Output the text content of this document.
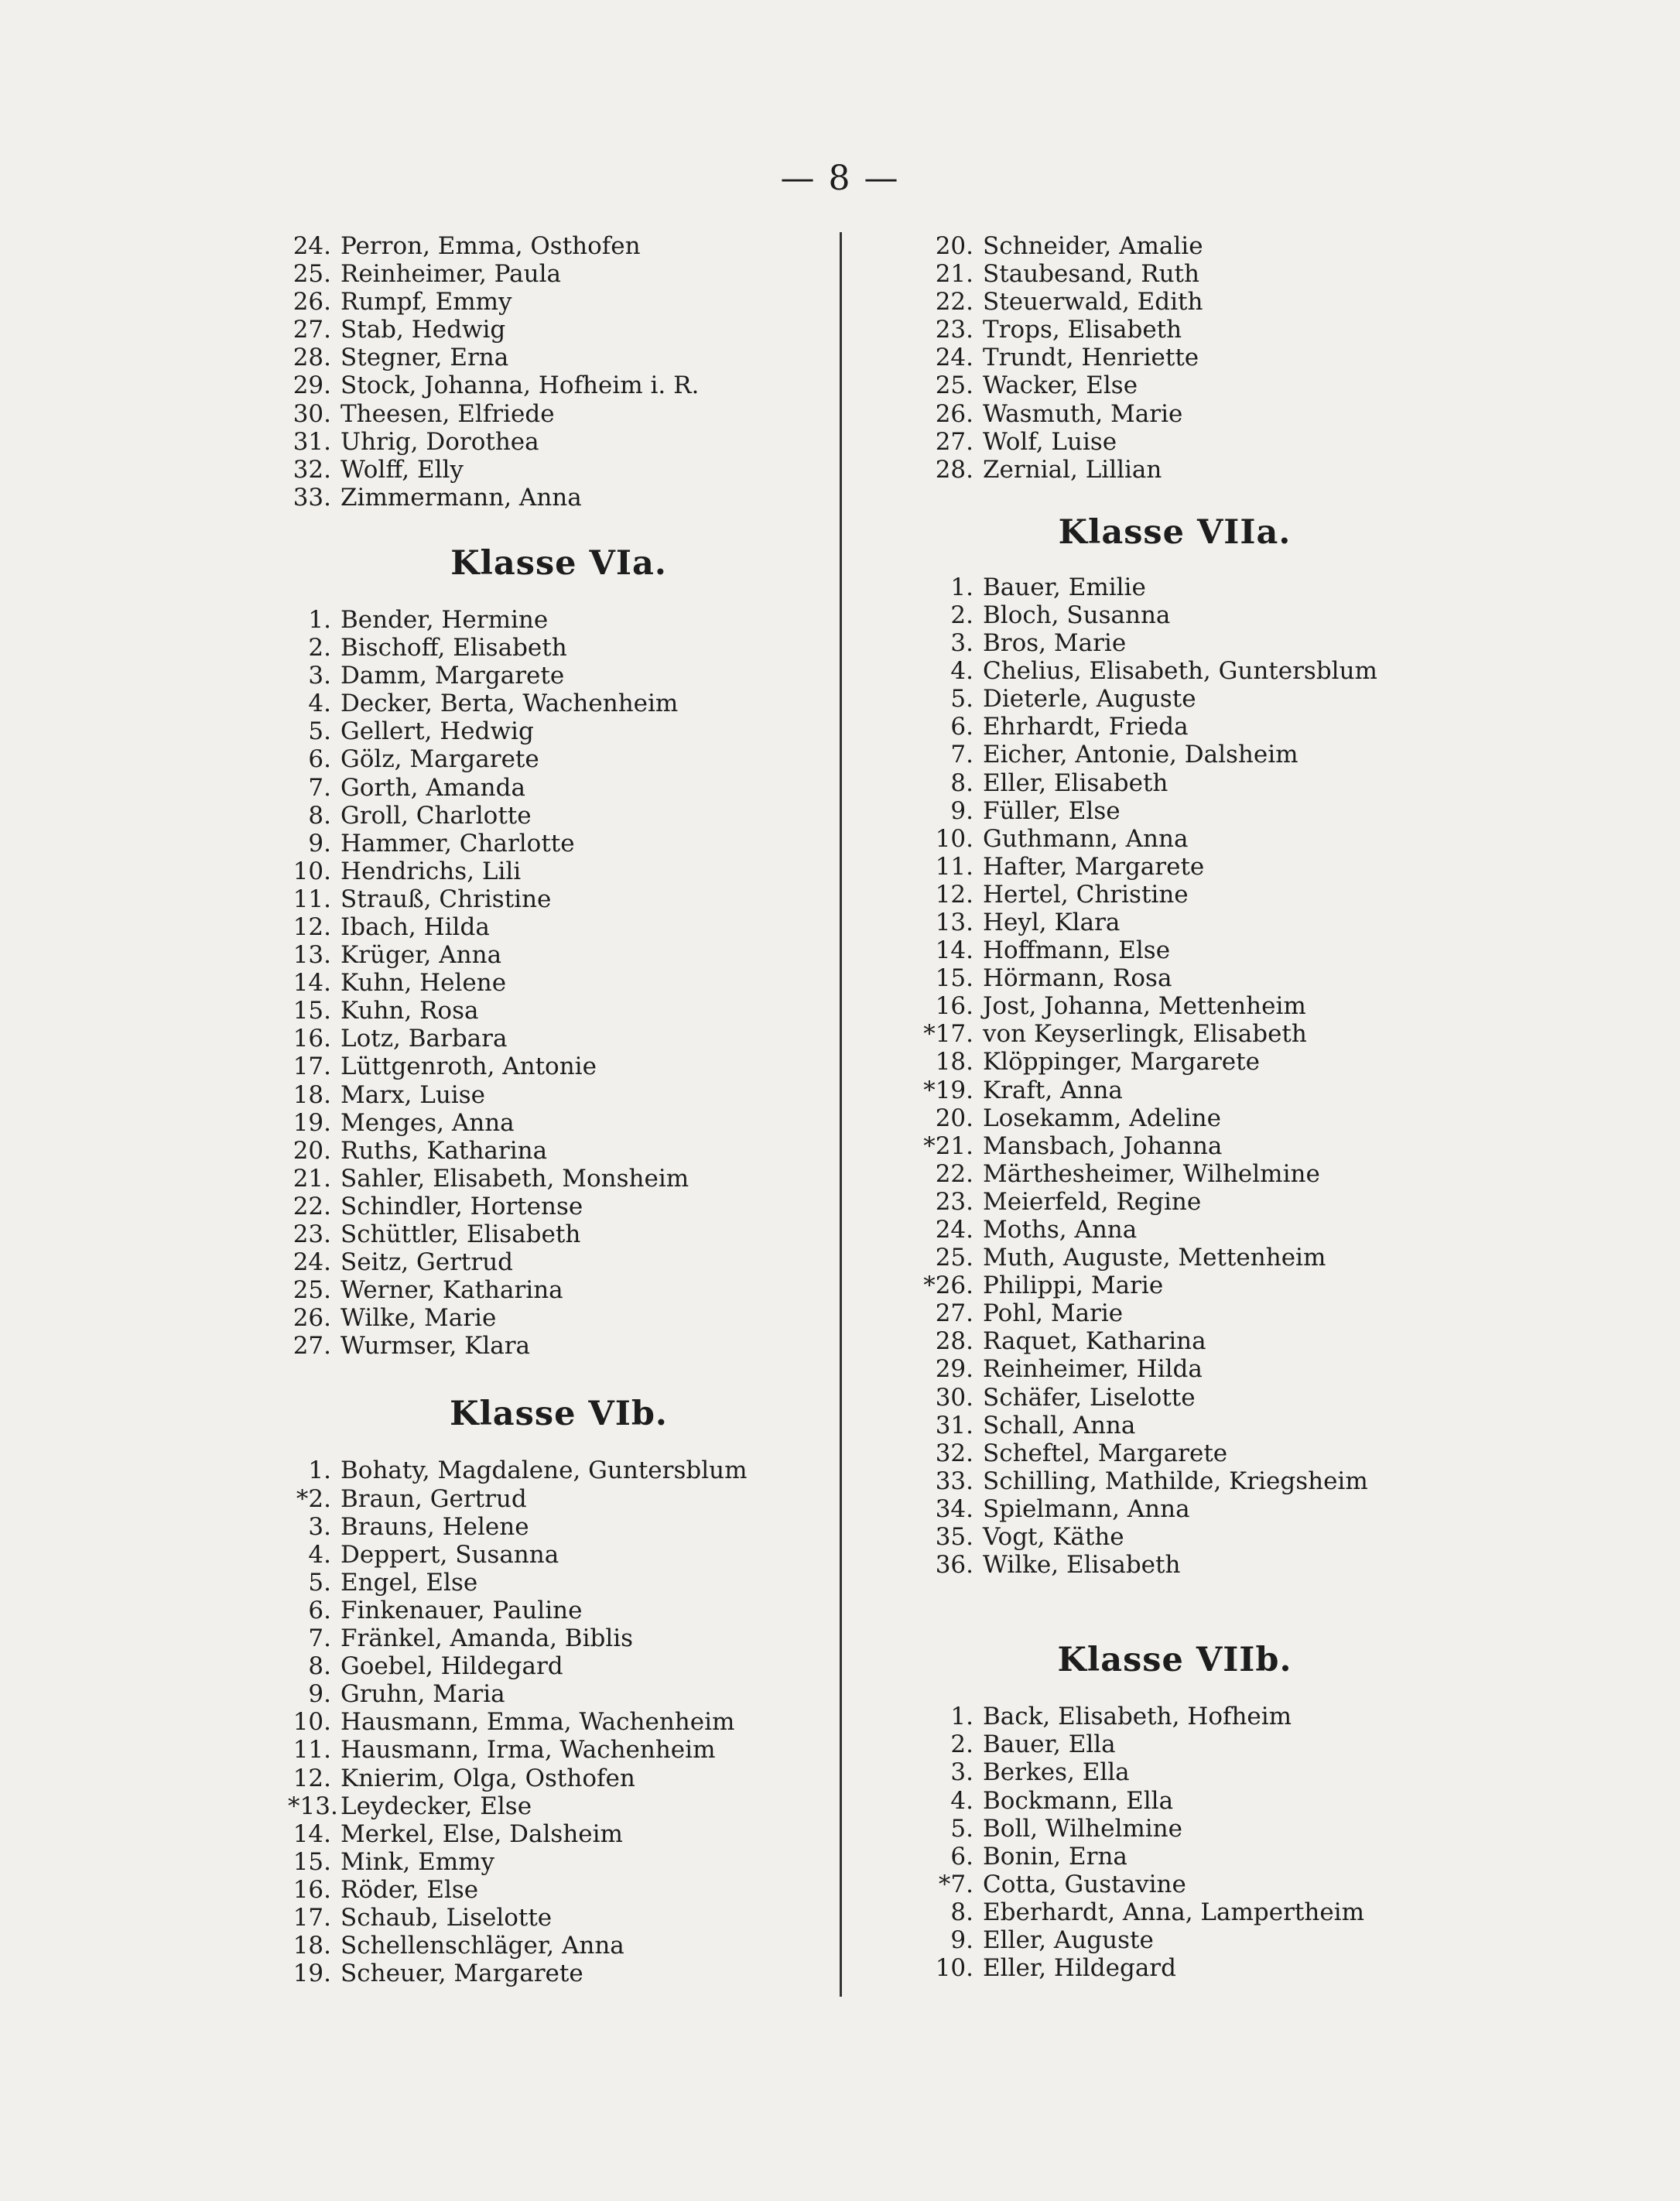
— 8 —
24. Perron, Emma, Osthofen
25. Reinheimer, Paula
26. Rumpf, Emmy
27. Stab, Hedwig
28. Stegner, Erna
29. Stock, Johanna, Hofheim i. R.
30. Theesen, Elfriede
31. Uhrig, Dorothea
32. Wolff, Elly
33. Zimmermann, Anna
Klasse VIa.
1. Bender, Hermine
2. Bischoff, Elisabeth
3. Damm, Margarete
4. Decker, Berta, Wachenheim
5. Gellert, Hedwig
6. Gölz, Margarete
7. Gorth, Amanda
8. Groll, Charlotte
9. Hammer, Charlotte
10. Hendrichs, Lili
11. Strauß, Christine
12. Ibach, Hilda
13. Krüger, Anna
14. Kuhn, Helene
15. Kuhn, Rosa
16. Lotz, Barbara
17. Lüttgenroth, Antonie
18. Marx, Luise
19. Menges, Anna
20. Ruths, Katharina
21. Sahler, Elisabeth, Monsheim
22. Schindler, Hortense
23. Schüttler, Elisabeth
24. Seitz, Gertrud
25. Werner, Katharina
26. Wilke, Marie
27. Wurmser, Klara
Klasse VIb.
1. Bohaty, Magdalene, Guntersblum
*2. Braun, Gertrud
3. Brauns, Helene
4. Deppert, Susanna
5. Engel, Else
6. Finkenauer, Pauline
7. Fränkel, Amanda, Biblis
8. Goebel, Hildegard
9. Gruhn, Maria
10. Hausmann, Emma, Wachenheim
11. Hausmann, Irma, Wachenheim
12. Knierim, Olga, Osthofen
*13. Leydecker, Else
14. Merkel, Else, Dalsheim
15. Mink, Emmy
16. Röder, Else
17. Schaub, Liselotte
18. Schellenschläger, Anna
19. Scheuer, Margarete
20. Schneider, Amalie
21. Staubesand, Ruth
22. Steuerwald, Edith
23. Trops, Elisabeth
24. Trundt, Henriette
25. Wacker, Else
26. Wasmuth, Marie
27. Wolf, Luise
28. Zernial, Lillian
Klasse VIIa.
1. Bauer, Emilie
2. Bloch, Susanna
3. Bros, Marie
4. Chelius, Elisabeth, Guntersblum
5. Dieterle, Auguste
6. Ehrhardt, Frieda
7. Eicher, Antonie, Dalsheim
8. Eller, Elisabeth
9. Füller, Else
10. Guthmann, Anna
11. Hafter, Margarete
12. Hertel, Christine
13. Heyl, Klara
14. Hoffmann, Else
15. Hörmann, Rosa
16. Jost, Johanna, Mettenheim
*17. von Keyserlingk, Elisabeth
18. Klöppinger, Margarete
*19. Kraft, Anna
20. Losekamm, Adeline
*21. Mansbach, Johanna
22. Märthesheimer, Wilhelmine
23. Meierfeld, Regine
24. Moths, Anna
25. Muth, Auguste, Mettenheim
*26. Philippi, Marie
27. Pohl, Marie
28. Raquet, Katharina
29. Reinheimer, Hilda
30. Schäfer, Liselotte
31. Schall, Anna
32. Scheftel, Margarete
33. Schilling, Mathilde, Kriegsheim
34. Spielmann, Anna
35. Vogt, Käthe
36. Wilke, Elisabeth
Klasse VIIb.
1. Back, Elisabeth, Hofheim
2. Bauer, Ella
3. Berkes, Ella
4. Bockmann, Ella
5. Boll, Wilhelmine
6. Bonin, Erna
*7. Cotta, Gustavine
8. Eberhardt, Anna, Lampertheim
9. Eller, Auguste
10. Eller, Hildegard
